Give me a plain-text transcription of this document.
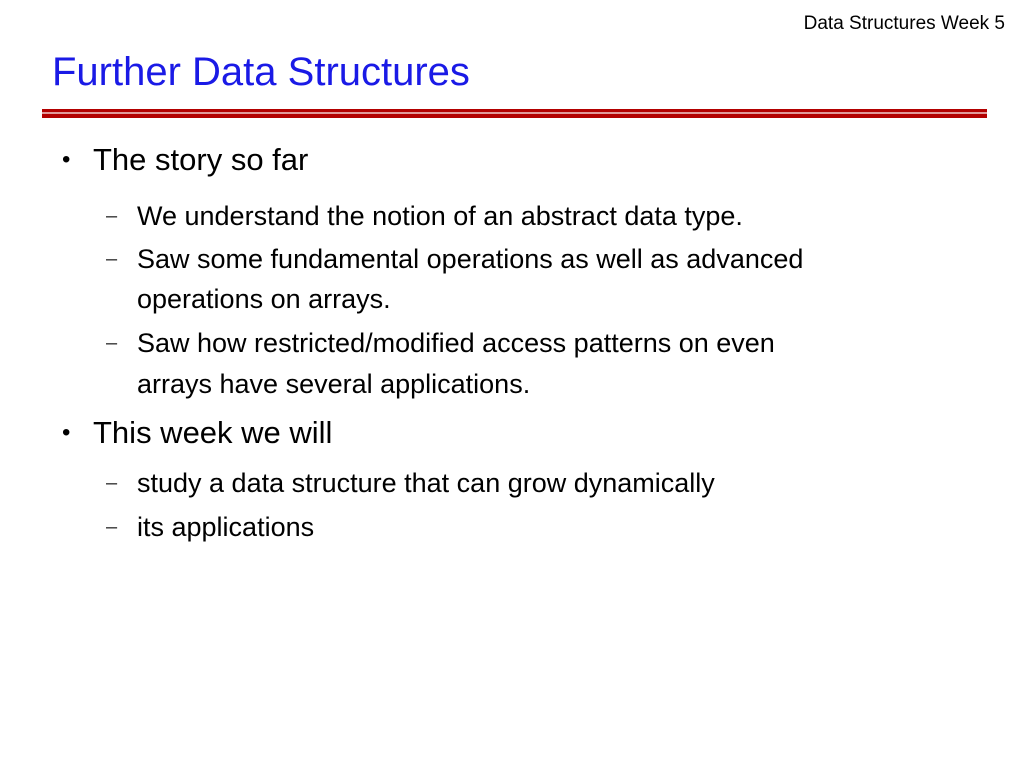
Data Structures Week 5
Further Data Structures
• The story so far
– We understand the notion of an abstract data type.
– Saw some fundamental operations as well as advanced
operations on arrays.
– Saw how restricted/modified access patterns on even
arrays have several applications.
• This week we will
– study a data structure that can grow dynamically
– its applications
